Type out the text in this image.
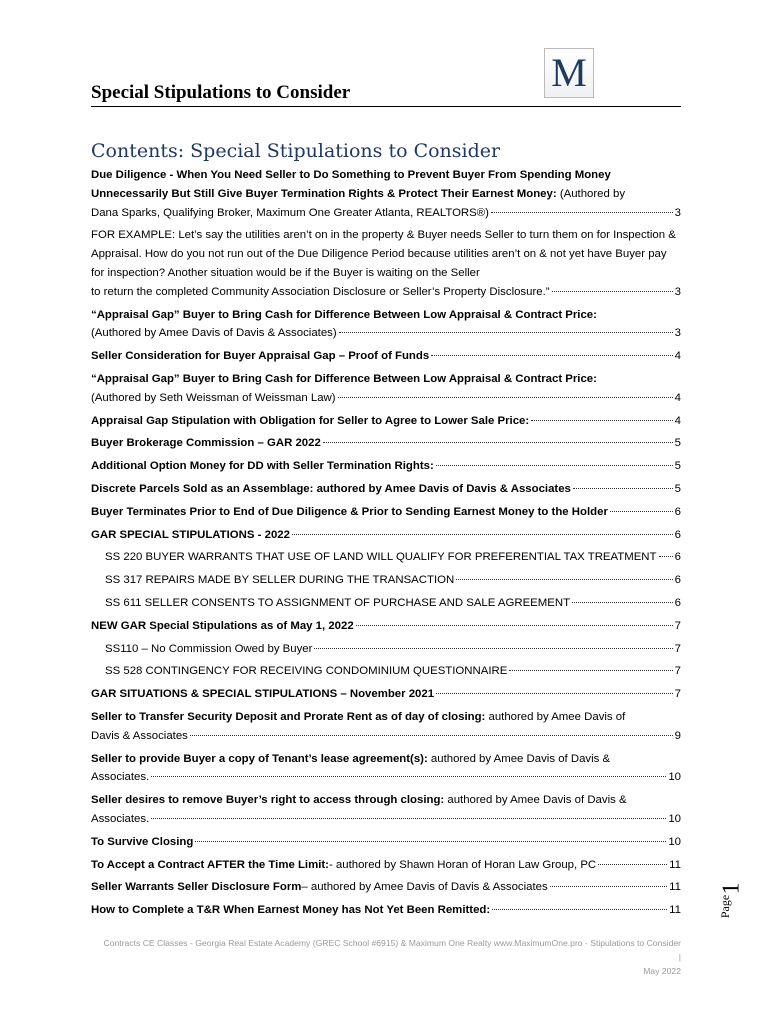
Special Stipulations to Consider	M
Contents: Special Stipulations to Consider
Due Diligence - When You Need Seller to Do Something to Prevent Buyer From Spending Money Unnecessarily But Still Give Buyer Termination Rights & Protect Their Earnest Money: (Authored by
Dana Sparks, Qualifying Broker, Maximum One Greater Atlanta, REALTORS®)	3
FOR EXAMPLE: Let’s say the utilities aren’t on in the property & Buyer needs Seller to turn them on for Inspection & Appraisal. How do you not run out of the Due Diligence Period because utilities aren’t on & not yet have Buyer pay for inspection? Another situation would be if the Buyer is waiting on the Seller
to return the completed Community Association Disclosure or Seller’s Property Disclosure.”	3
“Appraisal Gap” Buyer to Bring Cash for Difference Between Low Appraisal & Contract Price:
(Authored by Amee Davis of Davis & Associates)	3
Seller Consideration for Buyer Appraisal Gap – Proof of Funds	4
“Appraisal Gap” Buyer to Bring Cash for Difference Between Low Appraisal & Contract Price:
(Authored by Seth Weissman of Weissman Law)	4
Appraisal Gap Stipulation with Obligation for Seller to Agree to Lower Sale Price:	4
Buyer Brokerage Commission – GAR 2022	5
Additional Option Money for DD with Seller Termination Rights:	5
Discrete Parcels Sold as an Assemblage: authored by Amee Davis of Davis & Associates	5
Buyer Terminates Prior to End of Due Diligence & Prior to Sending Earnest Money to the Holder	6
GAR SPECIAL STIPULATIONS - 2022	6
SS 220 BUYER WARRANTS THAT USE OF LAND WILL QUALIFY FOR PREFERENTIAL TAX TREATMENT 6
SS 317 REPAIRS MADE BY SELLER DURING THE TRANSACTION	6
SS 611 SELLER CONSENTS TO ASSIGNMENT OF PURCHASE AND SALE AGREEMENT	6
NEW GAR Special Stipulations as of May 1, 2022	7
SS110 – No Commission Owed by Buyer	7
SS 528 CONTINGENCY FOR RECEIVING CONDOMINIUM QUESTIONNAIRE	7
GAR SITUATIONS & SPECIAL STIPULATIONS – November 2021	7
Seller to Transfer Security Deposit and Prorate Rent as of day of closing: authored by Amee Davis of
Davis & Associates	9
Seller to provide Buyer a copy of Tenant’s lease agreement(s): authored by Amee Davis of Davis &
Associates.	10
Seller desires to remove Buyer’s right to access through closing: authored by Amee Davis of Davis &
Associates.	10
To Survive Closing	10
To Accept a Contract AFTER the Time Limit: - authored by Shawn Horan of Horan Law Group, PC	11
Seller Warrants Seller Disclosure Form – authored by Amee Davis of Davis & Associates	11
How to Complete a T&R When Earnest Money has Not Yet Been Remitted:	11	Page
1
Contracts CE Classes - Georgia Real Estate Academy (GREC School #6915) & Maximum One Realty www.MaximumOne.pro - Stipulations to Consider |
May 2022
